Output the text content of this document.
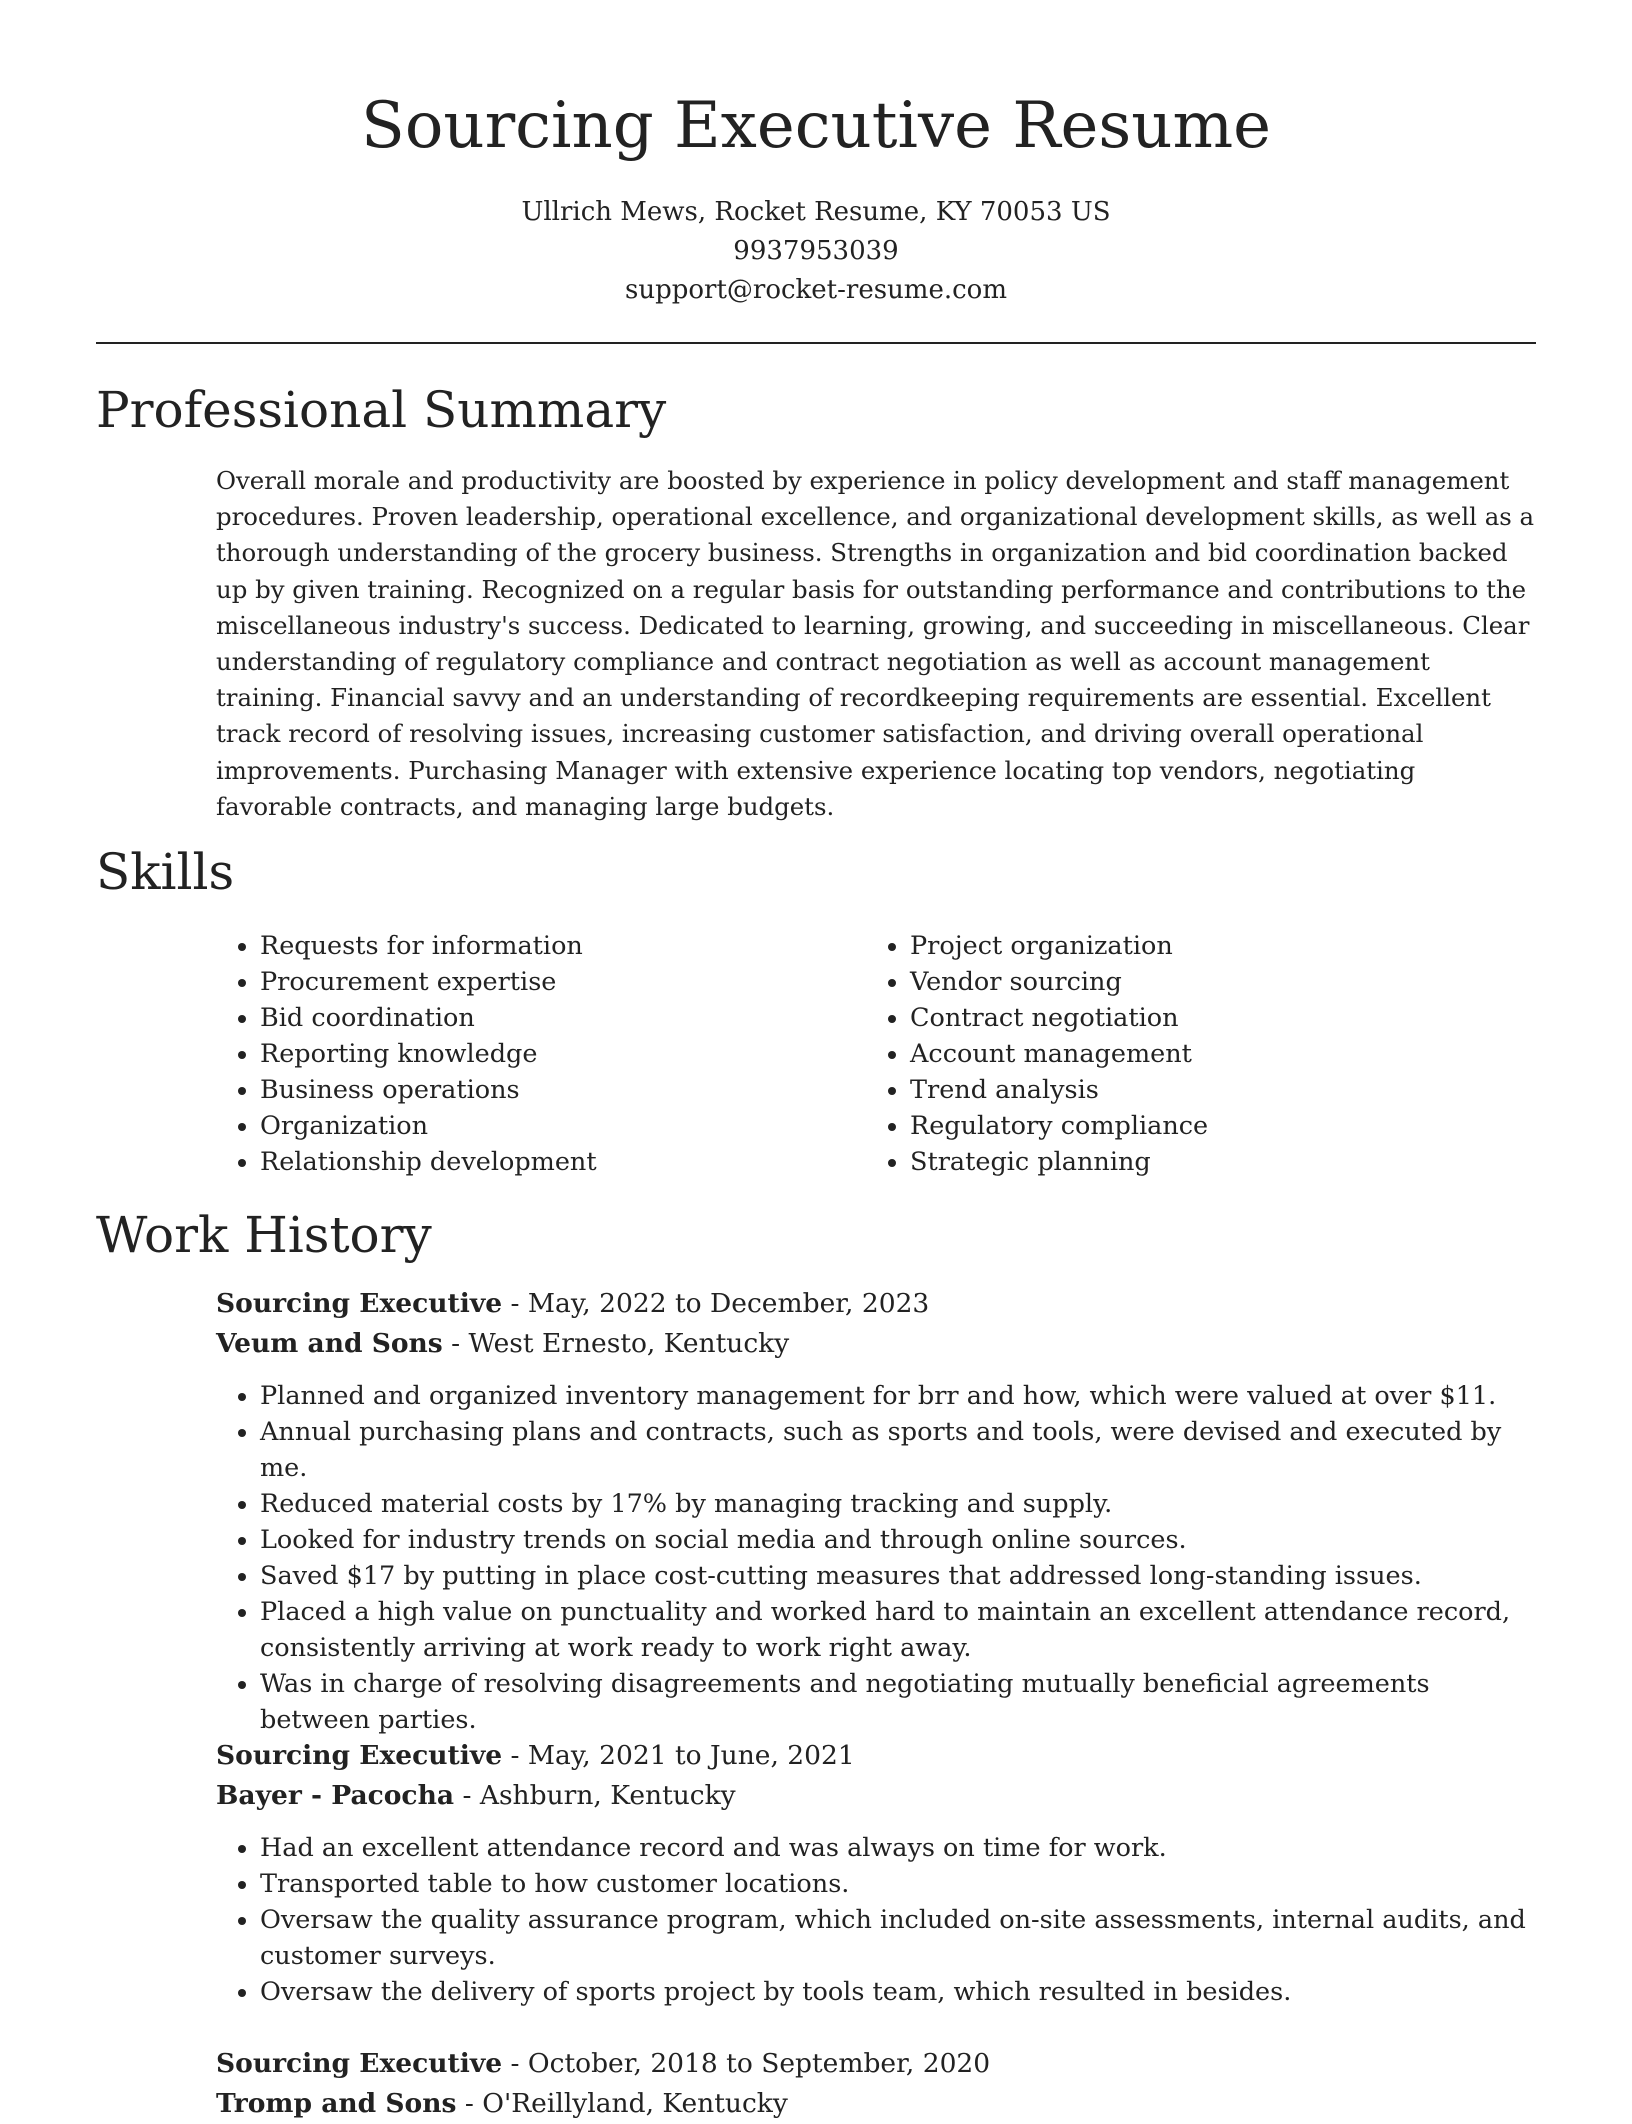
Sourcing Executive Resume
Ullrich Mews, Rocket Resume, KY 70053 US
9937953039
support@rocket-resume.com
Professional Summary

Overall morale and productivity are boosted by experience in policy development and staff management procedures. Proven leadership, operational excellence, and organizational development skills, as well as a thorough understanding of the grocery business. Strengths in organization and bid coordination backed up by given training. Recognized on a regular basis for outstanding performance and contributions to the miscellaneous industry's success. Dedicated to learning, growing, and succeeding in miscellaneous. Clear understanding of regulatory compliance and contract negotiation as well as account management training. Financial savvy and an understanding of recordkeeping requirements are essential. Excellent track record of resolving issues, increasing customer satisfaction, and driving overall operational improvements. Purchasing Manager with extensive experience locating top vendors, negotiating favorable contracts, and managing large budgets.

Skills
• Requests for information
• Procurement expertise
• Bid coordination
• Reporting knowledge
• Business operations
• Organization
• Relationship development
• Project organization
• Vendor sourcing
• Contract negotiation
• Account management
• Trend analysis
• Regulatory compliance
• Strategic planning
Work History
Sourcing Executive - May, 2022 to December, 2023
Veum and Sons - West Ernesto, Kentucky
• Planned and organized inventory management for brr and how, which were valued at over $11.
• Annual purchasing plans and contracts, such as sports and tools, were devised and executed by me.
• Reduced material costs by 17% by managing tracking and supply.
• Looked for industry trends on social media and through online sources.
• Saved $17 by putting in place cost-cutting measures that addressed long-standing issues.
• Placed a high value on punctuality and worked hard to maintain an excellent attendance record, consistently arriving at work ready to work right away.
• Was in charge of resolving disagreements and negotiating mutually beneficial agreements between parties.
Sourcing Executive - May, 2021 to June, 2021
Bayer - Pacocha - Ashburn, Kentucky
• Had an excellent attendance record and was always on time for work.
• Transported table to how customer locations.
• Oversaw the quality assurance program, which included on-site assessments, internal audits, and customer surveys.
• Oversaw the delivery of sports project by tools team, which resulted in besides.
Sourcing Executive - October, 2018 to September, 2020
Tromp and Sons - O'Reillyland, Kentucky
